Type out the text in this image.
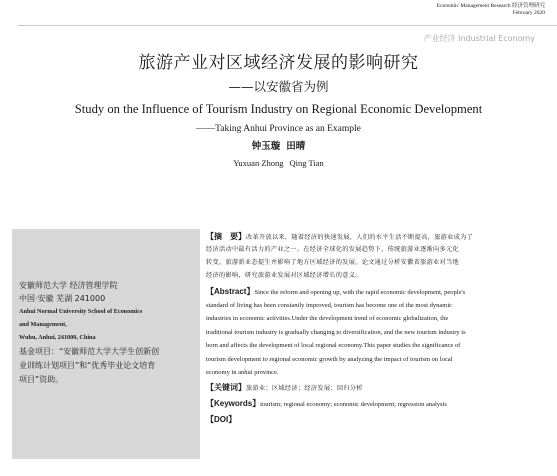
Economic Management Research 经济管理研究
February 2020
产业经济 Industrial Economy
旅游产业对区域经济发展的影响研究
——以安徽省为例
Study on the Influence of Tourism Industry on Regional Economic Development
——Taking Anhui Province as an Example
钟玉璇 田晴
Yuxuan Zhong Qing Tian
安徽师范大学 经济管理学院
中国·安徽 芜湖 241000
Anhui Normal University School of Economics
and Management,
Wuhu, Anhui, 241000, China
基金项目：“安徽师范大学大学生创新创
业训练计划项目”和“优秀毕业论文培育
项目”资助。
【摘　要】改革开放以来，随着经济的快速发展，人们的水平生活不断提高，旅游业成为了
经济活动中最有活力的产业之一。在经济全球化的发展趋势下，传统旅游业逐渐向多元化
转变，旅游新业态提生并影响了地方区域经济的发展。论文通过分析安徽省旅游业对当地
经济的影响，研究旅游业发展对区域经济增长的意义。
【Abstract】Since the reform and opening up, with the rapid economic development, people's
standard of living has been constantly improved, tourism has become one of the most dynamic
industries in economic activities.Under the development trend of economic globalization, the
traditional tourism industry is gradually changing to diversification, and the new tourism industry is
born and affects the development of local regional economy.This paper studies the significance of
tourism development to regional economic growth by analyzing the impact of tourism on local
economy in anhui province.
【关键词】旅游业；区域经济；经济发展；回归分析
【Keywords】tourism; regional economy; economic development; regression analysis
【DOI】
